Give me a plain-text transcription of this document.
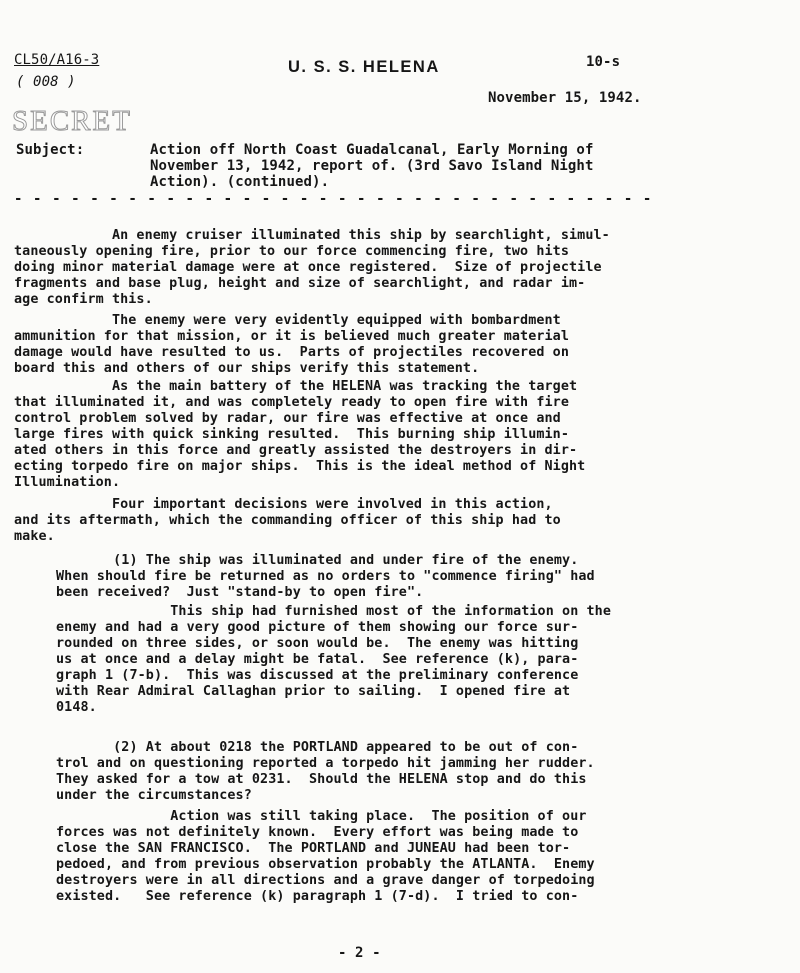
CL50/A16-3
( 008 )
U. S. S. HELENA	10-s
November 15, 1942.
SECRET
Subject:	Action off North Coast Guadalcanal, Early Morning of
November 13, 1942, report of. (3rd Savo Island Night
Action). (continued).
- - - - - - - - - - - - - - - - - - - - - - - - - - - - - - - - - -
An enemy cruiser illuminated this ship by searchlight, simul-
taneously opening fire, prior to our force commencing fire, two hits
doing minor material damage were at once registered.  Size of projectile
fragments and base plug, height and size of searchlight, and radar im-
age confirm this.
The enemy were very evidently equipped with bombardment
ammunition for that mission, or it is believed much greater material
damage would have resulted to us.  Parts of projectiles recovered on
board this and others of our ships verify this statement.
As the main battery of the HELENA was tracking the target
that illuminated it, and was completely ready to open fire with fire
control problem solved by radar, our fire was effective at once and
large fires with quick sinking resulted.  This burning ship illumin-
ated others in this force and greatly assisted the destroyers in dir-
ecting torpedo fire on major ships.  This is the ideal method of Night
Illumination.
Four important decisions were involved in this action,
and its aftermath, which the commanding officer of this ship had to
make.
(1) The ship was illuminated and under fire of the enemy.
When should fire be returned as no orders to "commence firing" had
been received?  Just "stand-by to open fire".
This ship had furnished most of the information on the
enemy and had a very good picture of them showing our force sur-
rounded on three sides, or soon would be.  The enemy was hitting
us at once and a delay might be fatal.  See reference (k), para-
graph 1 (7-b).  This was discussed at the preliminary conference
with Rear Admiral Callaghan prior to sailing.  I opened fire at
0148.
(2) At about 0218 the PORTLAND appeared to be out of con-
trol and on questioning reported a torpedo hit jamming her rudder.
They asked for a tow at 0231.  Should the HELENA stop and do this
under the circumstances?
Action was still taking place.  The position of our
forces was not definitely known.  Every effort was being made to
close the SAN FRANCISCO.  The PORTLAND and JUNEAU had been tor-
pedoed, and from previous observation probably the ATLANTA.  Enemy
destroyers were in all directions and a grave danger of torpedoing
existed.   See reference (k) paragraph 1 (7-d).  I tried to con-
- 2 -
